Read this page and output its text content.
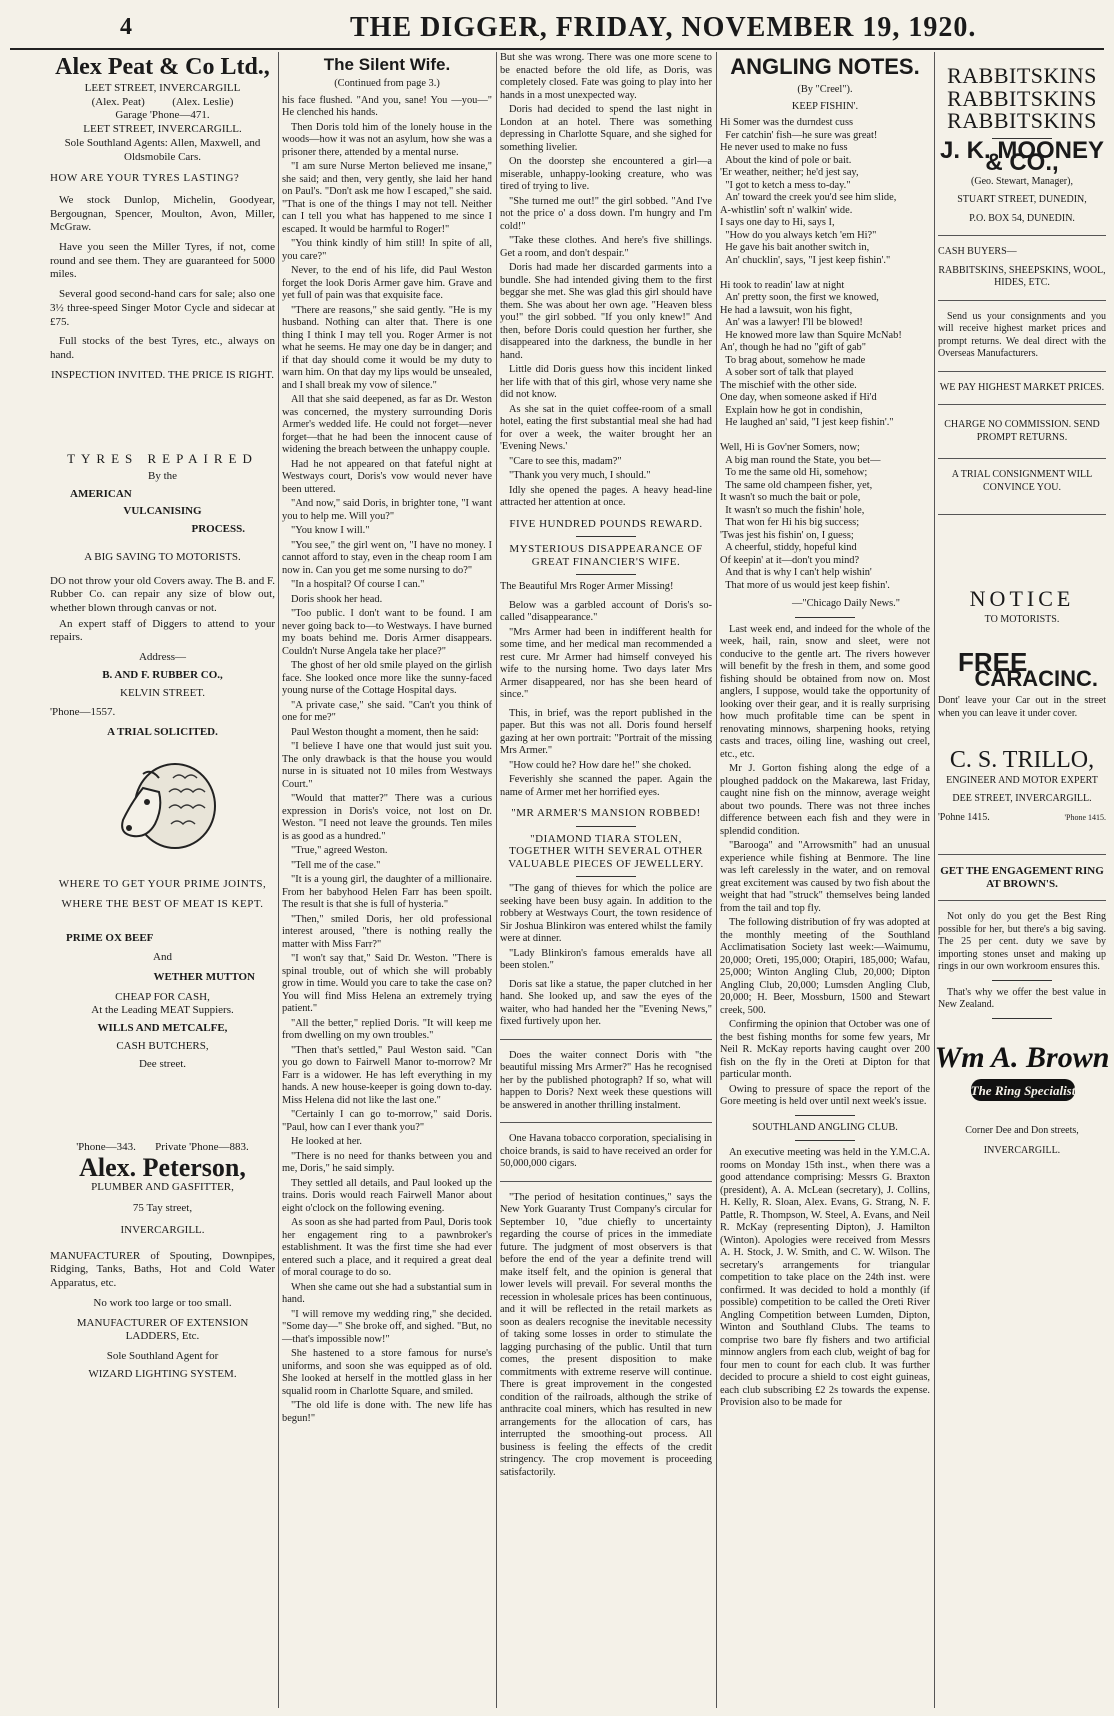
4	THE DIGGER, FRIDAY, NOVEMBER 19, 1920.
Alex Peat & Co Ltd.,
LEET STREET, INVERCARGILL
(Alex. Peat)          (Alex. Leslie)
Garage 'Phone—471.
LEET STREET, INVERCARGILL.
Sole Southland Agents: Allen, Maxwell, and Oldsmobile Cars.

HOW ARE YOUR TYRES LASTING?

We stock Dunlop, Michelin, Goodyear, Bergougnan, Spencer, Moulton, Avon, Miller, McGraw.

Have you seen the Miller Tyres, if not, come round and see them. They are guaranteed for 5000 miles.

Several good second-hand cars for sale; also one 3½ three-speed Singer Motor Cycle and sidecar at £75.

Full stocks of the best Tyres, etc., always on hand.

INSPECTION INVITED. THE PRICE IS RIGHT.
TYRES REPAIRED
By the
AMERICAN
VULCANISING
PROCESS.
A BIG SAVING TO MOTORISTS.

DO not throw your old Covers away. The B. and F. Rubber Co. can repair any size of blow out, whether blown through canvas or not.

An expert staff of Diggers to attend to your repairs.

Address—
B. AND F. RUBBER CO.,
KELVIN STREET.
'Phone—1557.
A TRIAL SOLICITED.
WHERE TO GET YOUR PRIME JOINTS, WHERE THE BEST OF MEAT IS KEPT.
PRIME OX BEEF
And
WETHER MUTTON
CHEAP FOR CASH,
At the Leading MEAT Suppiers.
WILLS AND METCALFE,
CASH BUTCHERS,
Dee street.
'Phone—343.       Private 'Phone—883.
Alex. Peterson,
PLUMBER AND GASFITTER,
75 Tay street,
INVERCARGILL.

MANUFACTURER of Spouting, Downpipes, Ridging, Tanks, Baths, Hot and Cold Water Apparatus, etc.

No work too large or too small.
MANUFACTURER OF EXTENSION LADDERS, Etc.
Sole Southland Agent for
WIZARD LIGHTING SYSTEM.
The Silent Wife.
(Continued from page 3.)

his face flushed. "And you, sane! You —you—" He clenched his hands.

Then Doris told him of the lonely house in the woods—how it was not an asylum, how she was a prisoner there, attended by a mental nurse.

"I am sure Nurse Merton believed me insane," she said; and then, very gently, she laid her hand on Paul's. "Don't ask me how I escaped," she said. "That is one of the things I may not tell. Neither can I tell you what has happened to me since I escaped. It would be harmful to Roger!"

"You think kindly of him still! In spite of all, you care?"

Never, to the end of his life, did Paul Weston forget the look Doris Armer gave him. Grave and yet full of pain was that exquisite face.

"There are reasons," she said gently. "He is my husband. Nothing can alter that. There is one thing I think I may tell you. Roger Armer is not what he seems. He may one day be in danger; and if that day should come it would be my duty to warn him. On that day my lips would be unsealed, and I shall break my vow of silence."

All that she said deepened, as far as Dr. Weston was concerned, the mystery surrounding Doris Armer's wedded life. He could not forget—never forget—that he had been the innocent cause of widening the breach between the unhappy couple.

Had he not appeared on that fateful night at Westways court, Doris's vow would never have been uttered.

"And now," said Doris, in brighter tone, "I want you to help me. Will you?"

"You know I will."

"You see," the girl went on, "I have no money. I cannot afford to stay, even in the cheap room I am now in. Can you get me some nursing to do?"

"In a hospital? Of course I can."

Doris shook her head.

"Too public. I don't want to be found. I am never going back to—to Westways. I have burned my boats behind me. Doris Armer disappears. Couldn't Nurse Angela take her place?"

The ghost of her old smile played on the girlish face. She looked once more like the sunny-faced young nurse of the Cottage Hospital days.

"A private case," she said. "Can't you think of one for me?"

Paul Weston thought a moment, then he said:

"I believe I have one that would just suit you. The only drawback is that the house you would nurse in is situated not 10 miles from Westways Court."

"Would that matter?" There was a curious expression in Doris's voice, not lost on Dr. Weston. "I need not leave the grounds. Ten miles is as good as a hundred."

"True," agreed Weston.

"Tell me of the case."

"It is a young girl, the daughter of a millionaire. From her babyhood Helen Farr has been spoilt. The result is that she is full of hysteria."

"Then," smiled Doris, her old professional interest aroused, "there is nothing really the matter with Miss Farr?"

"I won't say that," Said Dr. Weston. "There is spinal trouble, out of which she will probably grow in time. Would you care to take the case on? You will find Miss Helena an extremely trying patient."

"All the better," replied Doris. "It will keep me from dwelling on my own troubles."

"Then that's settled," Paul Weston said. "Can you go down to Fairwell Manor to-morrow? Mr Farr is a widower. He has left everything in my hands. A new house-keeper is going down to-day. Miss Helena did not like the last one."

"Certainly I can go to-morrow," said Doris. "Paul, how can I ever thank you?"

He looked at her.

"There is no need for thanks between you and me, Doris," he said simply.

They settled all details, and Paul looked up the trains. Doris would reach Fairwell Manor about eight o'clock on the following evening.

As soon as she had parted from Paul, Doris took her engagement ring to a pawnbroker's establishment. It was the first time she had ever entered such a place, and it required a great deal of moral courage to do so.

When she came out she had a substantial sum in hand.

"I will remove my wedding ring," she decided. "Some day—" She broke off, and sighed. "But, no—that's impossible now!"

She hastened to a store famous for nurse's uniforms, and soon she was equipped as of old. She looked at herself in the mottled glass in her squalid room in Charlotte Square, and smiled.

"The old life is done with. The new life has begun!"

But she was wrong. There was one more scene to be enacted before the old life, as Doris, was completely closed. Fate was going to play into her hands in a most unexpected way.

Doris had decided to spend the last night in London at an hotel. There was something depressing in Charlotte Square, and she sighed for something livelier.

On the doorstep she encountered a girl—a miserable, unhappy-looking creature, who was tired of trying to live.

"She turned me out!" the girl sobbed. "And I've not the price o' a doss down. I'm hungry and I'm cold!"

"Take these clothes. And here's five shillings. Get a room, and don't despair."

Doris had made her discarded garments into a bundle. She had intended giving them to the first beggar she met. She was glad this girl should have them. She was about her own age. "Heaven bless you!" the girl sobbed. "If you only knew!" And then, before Doris could question her further, she disappeared into the darkness, the bundle in her hand.

Little did Doris guess how this incident linked her life with that of this girl, whose very name she did not know.

As she sat in the quiet coffee-room of a small hotel, eating the first substantial meal she had had for over a week, the waiter brought her an 'Evening News.'

"Care to see this, madam?"

"Thank you very much, I should."

Idly she opened the pages. A heavy head-line attracted her attention at once.

FIVE HUNDRED POUNDS REWARD.
MYSTERIOUS DISAPPEARANCE OF GREAT FINANCIER'S WIFE.

The Beautiful Mrs Roger Armer Missing!

Below was a garbled account of Doris's so-called "disappearance."

"Mrs Armer had been in indifferent health for some time, and her medical man recommended a rest cure. Mr Armer had himself conveyed his wife to the nursing home. Two days later Mrs Armer disappeared, nor has she been heard of since."

This, in brief, was the report published in the paper. But this was not all. Doris found herself gazing at her own portrait: "Portrait of the missing Mrs Armer."

"How could he? How dare he!" she choked.

Feverishly she scanned the paper. Again the name of Armer met her horrified eyes.

"MR ARMER'S MANSION ROBBED!
"DIAMOND TIARA STOLEN, TOGETHER WITH SEVERAL OTHER VALUABLE PIECES OF JEWELLERY.

"The gang of thieves for which the police are seeking have been busy again. In addition to the robbery at Westways Court, the town residence of Sir Joshua Blinkiron was entered whilst the family were at dinner.

"Lady Blinkiron's famous emeralds have all been stolen."

Doris sat like a statue, the paper clutched in her hand. She looked up, and saw the eyes of the waiter, who had handed her the "Evening News," fixed furtively upon her.

Does the waiter connect Doris with "the beautiful missing Mrs Armer?" Has he recognised her by the published photograph? If so, what will happen to Doris? Next week these questions will be answered in another thrilling instalment.

One Havana tobacco corporation, specialising in choice brands, is said to have received an order for 50,000,000 cigars.

"The period of hesitation continues," says the New York Guaranty Trust Company's circular for September 10, "due chiefly to uncertainty regarding the course of prices in the immediate future. The judgment of most observers is that before the end of the year a definite trend will make itself felt, and the opinion is general that lower levels will prevail. For several months the recession in wholesale prices has been continuous, and it will be reflected in the retail markets as soon as dealers recognise the inevitable necessity of taking some losses in order to stimulate the lagging purchasing of the public. Until that turn comes, the present disposition to make commitments with extreme reserve will continue. There is great improvement in the congested condition of the railroads, although the strike of anthracite coal miners, which has resulted in new arrangements for the allocation of cars, has interrupted the smoothing-out process. All business is feeling the effects of the credit stringency. The crop movement is proceeding satisfactorily.

ANGLING NOTES.
(By "Creel").
KEEP FISHIN'.
Hi Somer was the durndest cuss
Fer catchin' fish—he sure was great!
He never used to make no fuss
About the kind of pole or bait.
'Er weather, neither; he'd jest say,
"I got to ketch a mess to-day."
An' toward the creek you'd see him slide,
A-whistlin' soft n' walkin' wide.
I says one day to Hi, says I,
"How do you always ketch 'em Hi?"
He gave his bait another switch in,
An' chucklin', says, "I jest keep fishin'."

Hi took to readin' law at night
An' pretty soon, the first we knowed,
He had a lawsuit, won his fight,
An' was a lawyer! I'll be blowed!
He knowed more law than Squire McNab!
An', though he had no "gift of gab"
To brag about, somehow he made
A sober sort of talk that played
The mischief with the other side.
One day, when someone asked if Hi'd
Explain how he got in condishin,
He laughed an' said, "I jest keep fishin'."

Well, Hi is Gov'ner Somers, now;
A big man round the State, you bet—
To me the same old Hi, somehow;
The same old champeen fisher, yet,
It wasn't so much the bait or pole,
It wasn't so much the fishin' hole,
That won fer Hi his big success;
'Twas jest his fishin' on, I guess;
A cheerful, stiddy, hopeful kind
Of keepin' at it—don't you mind?
And that is why I can't help wishin'
That more of us would jest keep fishin'.
—"Chicago Daily News."

Last week end, and indeed for the whole of the week, hail, rain, snow and sleet, were not conducive to the gentle art. The rivers however will benefit by the fresh in them, and some good fishing should be obtained from now on. Most anglers, I suppose, would take the opportunity of looking over their gear, and it is really surprising how much profitable time can be spent in renovating minnows, sharpening hooks, retying casts and traces, oiling line, washing out creel, etc., etc.

Mr J. Gorton fishing along the edge of a ploughed paddock on the Makarewa, last Friday, caught nine fish on the minnow, average weight about two pounds. There was not three inches difference between each fish and they were in splendid condition.

"Barooga" and "Arrowsmith" had an unusual experience while fishing at Benmore. The line was left carelessly in the water, and on removal great excitement was caused by two fish about the weight that had "struck" themselves being landed from the tail and top fly.

The following distribution of fry was adopted at the monthly meeting of the Southland Acclimatisation Society last week:—Waimumu, 20,000; Oreti, 195,000; Otapiri, 185,000; Wafau, 25,000; Winton Angling Club, 20,000; Dipton Angling Club, 20,000; Lumsden Angling Club, 20,000; H. Beer, Mossburn, 1500 and Stewart creek, 500.

Confirming the opinion that October was one of the best fishing months for some few years, Mr Neil R. McKay reports having caught over 200 fish on the fly in the Oreti at Dipton for that particular month.

Owing to pressure of space the report of the Gore meeting is held over until next week's issue.

SOUTHLAND ANGLING CLUB.

An executive meeting was held in the Y.M.C.A. rooms on Monday 15th inst., when there was a good attendance comprising: Messrs G. Braxton (president), A. A. McLean (secretary), J. Collins, H. Kelly, R. Sloan, Alex. Evans, G. Strang, N. F. Pattle, R. Thompson, W. Steel, A. Evans, and Neil R. McKay (representing Dipton), J. Hamilton (Winton). Apologies were received from Messrs A. H. Stock, J. W. Smith, and C. W. Wilson. The secretary's arrangements for triangular competition to take place on the 24th inst. were confirmed. It was decided to hold a monthly (if possible) competition to be called the Oreti River Angling Competition between Lumden, Dipton, Winton and Southland Clubs. The teams to comprise two bare fly fishers and two artificial minnow anglers from each club, weight of bag for four men to count for each club. It was further decided to procure a shield to cost eight guineas, each club subscribing £2 2s towards the expense. Provision also to be made for

RABBITSKINS
RABBITSKINS
RABBITSKINS
J. K. MOONEY & CO.,
(Geo. Stewart, Manager),
STUART STREET, DUNEDIN,
P.O. BOX 54, DUNEDIN.
CASH BUYERS—
RABBITSKINS, SHEEPSKINS, WOOL, HIDES, ETC.

Send us your consignments and you will receive highest market prices and prompt returns. We deal direct with the Overseas Manufacturers.

WE PAY HIGHEST MARKET PRICES.
CHARGE NO COMMISSION. SEND PROMPT RETURNS.
A TRIAL CONSIGNMENT WILL CONVINCE YOU.
NOTICE
TO MOTORISTS.
FREE
CARACINC.

Dont' leave your Car out in the street when you can leave it under cover.

C. S. TRILLO,
ENGINEER AND MOTOR EXPERT
DEE STREET, INVERCARGILL.
'Pohne 1415.	'Phone 1415.
GET THE ENGAGEMENT RING AT BROWN'S.

Not only do you get the Best Ring possible for her, but there's a big saving. The 25 per cent. duty we save by importing stones unset and making up rings in our own workroom ensures this.

That's why we offer the best value in New Zealand.

Wm A. Brown
The Ring Specialist
Corner Dee and Don streets,
INVERCARGILL.
